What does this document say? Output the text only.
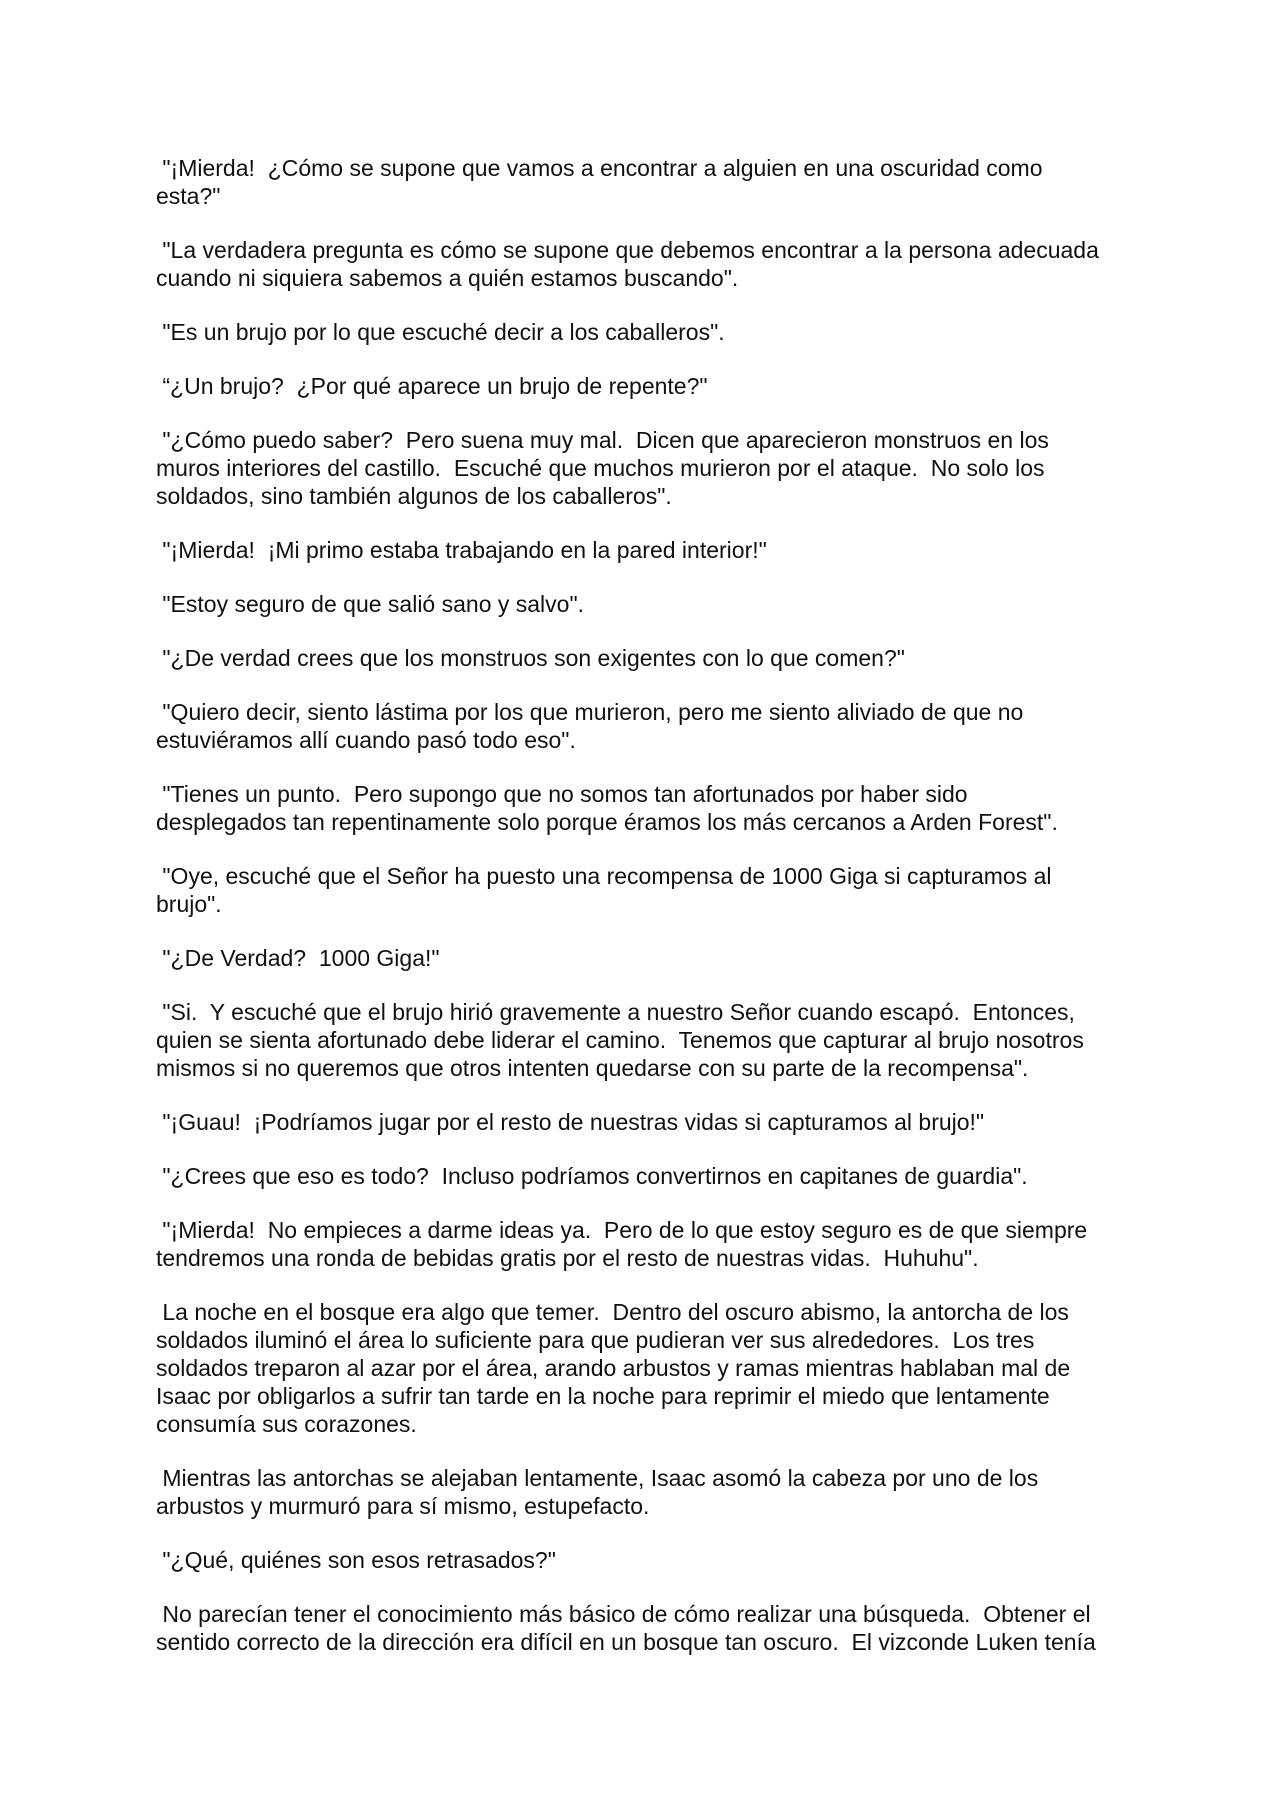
"¡Mierda!  ¿Cómo se supone que vamos a encontrar a alguien en una oscuridad como
esta?"

"La verdadera pregunta es cómo se supone que debemos encontrar a la persona adecuada
cuando ni siquiera sabemos a quién estamos buscando".

"Es un brujo por lo que escuché decir a los caballeros".

“¿Un brujo?  ¿Por qué aparece un brujo de repente?"

"¿Cómo puedo saber?  Pero suena muy mal.  Dicen que aparecieron monstruos en los
muros interiores del castillo.  Escuché que muchos murieron por el ataque.  No solo los
soldados, sino también algunos de los caballeros".

"¡Mierda!  ¡Mi primo estaba trabajando en la pared interior!"

"Estoy seguro de que salió sano y salvo".

"¿De verdad crees que los monstruos son exigentes con lo que comen?"

"Quiero decir, siento lástima por los que murieron, pero me siento aliviado de que no
estuviéramos allí cuando pasó todo eso".

"Tienes un punto.  Pero supongo que no somos tan afortunados por haber sido
desplegados tan repentinamente solo porque éramos los más cercanos a Arden Forest".

"Oye, escuché que el Señor ha puesto una recompensa de 1000 Giga si capturamos al
brujo".

"¿De Verdad?  1000 Giga!"

"Si.  Y escuché que el brujo hirió gravemente a nuestro Señor cuando escapó.  Entonces,
quien se sienta afortunado debe liderar el camino.  Tenemos que capturar al brujo nosotros
mismos si no queremos que otros intenten quedarse con su parte de la recompensa".

"¡Guau!  ¡Podríamos jugar por el resto de nuestras vidas si capturamos al brujo!"

"¿Crees que eso es todo?  Incluso podríamos convertirnos en capitanes de guardia".

"¡Mierda!  No empieces a darme ideas ya.  Pero de lo que estoy seguro es de que siempre
tendremos una ronda de bebidas gratis por el resto de nuestras vidas.  Huhuhu".

La noche en el bosque era algo que temer.  Dentro del oscuro abismo, la antorcha de los
soldados iluminó el área lo suficiente para que pudieran ver sus alrededores.  Los tres
soldados treparon al azar por el área, arando arbustos y ramas mientras hablaban mal de
Isaac por obligarlos a sufrir tan tarde en la noche para reprimir el miedo que lentamente
consumía sus corazones.

Mientras las antorchas se alejaban lentamente, Isaac asomó la cabeza por uno de los
arbustos y murmuró para sí mismo, estupefacto.

"¿Qué, quiénes son esos retrasados?"

No parecían tener el conocimiento más básico de cómo realizar una búsqueda.  Obtener el
sentido correcto de la dirección era difícil en un bosque tan oscuro.  El vizconde Luken tenía
